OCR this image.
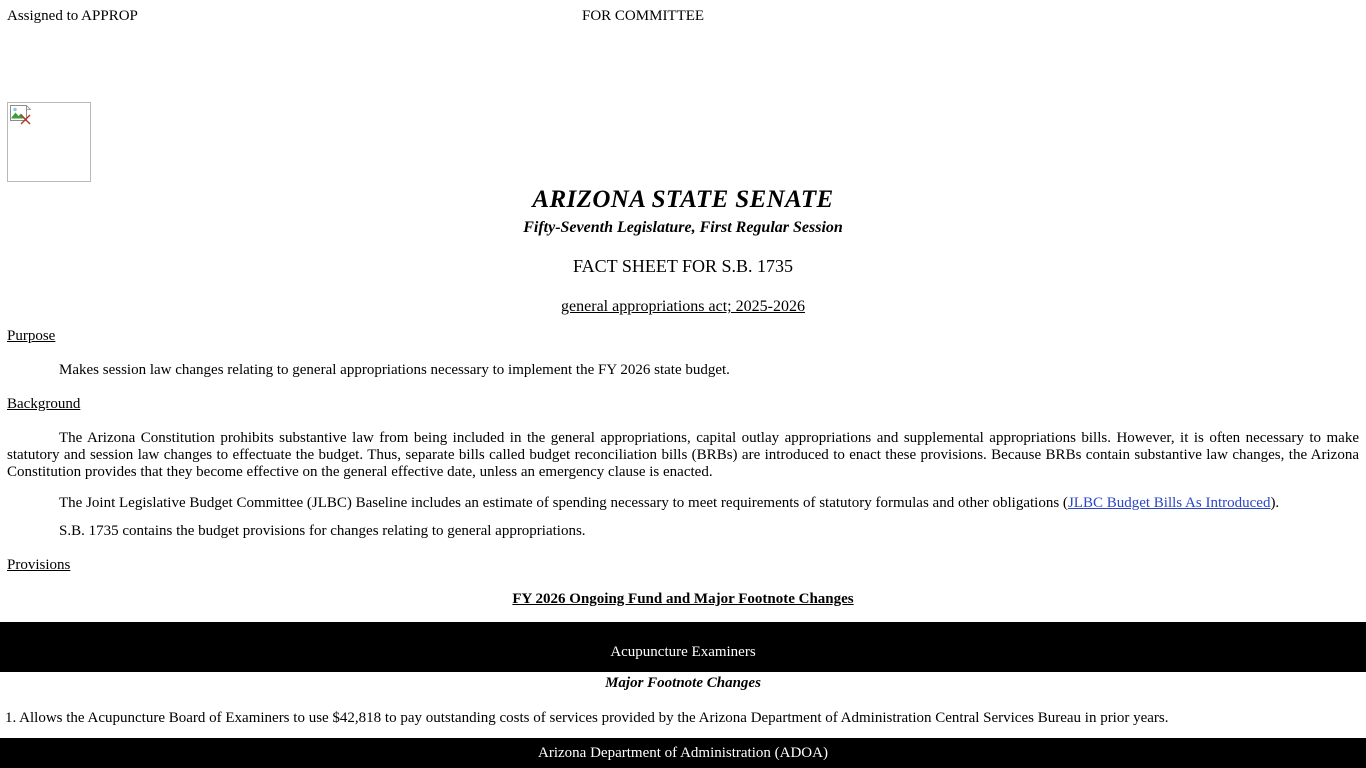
Assigned to APPROP	FOR COMMITTEE
ARIZONA STATE SENATE
Fifty-Seventh Legislature, First Regular Session
FACT SHEET FOR S.B. 1735
general appropriations act; 2025-2026
Purpose
Makes session law changes relating to general appropriations necessary to implement the FY 2026 state budget.
Background
The Arizona Constitution prohibits substantive law from being included in the general appropriations, capital outlay appropriations and supplemental appropriations bills. However, it is often necessary to make statutory and session law changes to effectuate the budget. Thus, separate bills called budget reconciliation bills (BRBs) are introduced to enact these provisions. Because BRBs contain substantive law changes, the Arizona Constitution provides that they become effective on the general effective date, unless an emergency clause is enacted.
The Joint Legislative Budget Committee (JLBC) Baseline includes an estimate of spending necessary to meet requirements of statutory formulas and other obligations (JLBC Budget Bills As Introduced).
S.B. 1735 contains the budget provisions for changes relating to general appropriations.
Provisions
FY 2026 Ongoing Fund and Major Footnote Changes
Acupuncture Examiners
Major Footnote Changes
1. Allows the Acupuncture Board of Examiners to use $42,818 to pay outstanding costs of services provided by the Arizona Department of Administration Central Services Bureau in prior years.
Arizona Department of Administration (ADOA)
